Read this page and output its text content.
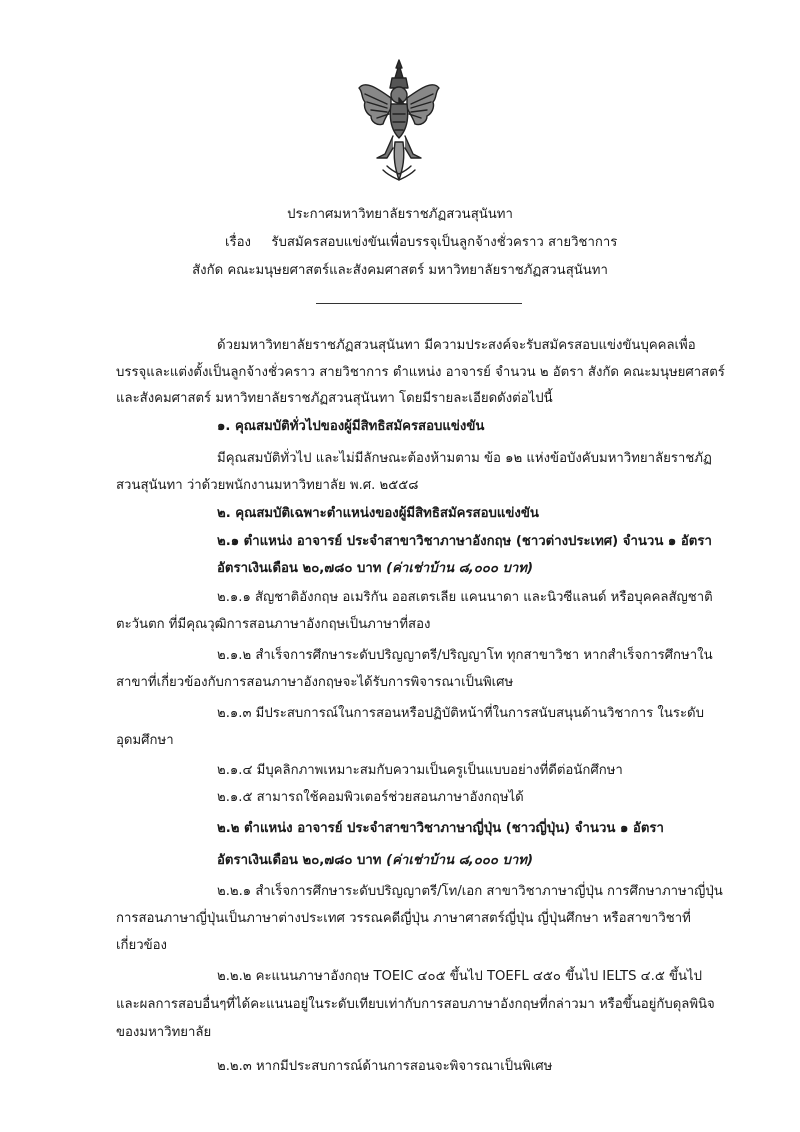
ประกาศมหาวิทยาลัยราชภัฏสวนสุนันทา
เรื่อง รับสมัครสอบแข่งขันเพื่อบรรจุเป็นลูกจ้างชั่วคราว สายวิชาการ
สังกัด คณะมนุษยศาสตร์และสังคมศาสตร์ มหาวิทยาลัยราชภัฏสวนสุนันทา
ด้วยมหาวิทยาลัยราชภัฏสวนสุนันทา มีความประสงค์จะรับสมัครสอบแข่งขันบุคคลเพื่อ
บรรจุและแต่งตั้งเป็นลูกจ้างชั่วคราว สายวิชาการ ตำแหน่ง อาจารย์ จำนวน ๒ อัตรา สังกัด คณะมนุษยศาสตร์
และสังคมศาสตร์ มหาวิทยาลัยราชภัฏสวนสุนันทา โดยมีรายละเอียดดังต่อไปนี้
๑. คุณสมบัติทั่วไปของผู้มีสิทธิสมัครสอบแข่งขัน
มีคุณสมบัติทั่วไป และไม่มีลักษณะต้องห้ามตาม ข้อ ๑๒ แห่งข้อบังคับมหาวิทยาลัยราชภัฏ
สวนสุนันทา ว่าด้วยพนักงานมหาวิทยาลัย พ.ศ. ๒๕๕๘
๒. คุณสมบัติเฉพาะตำแหน่งของผู้มีสิทธิสมัครสอบแข่งขัน
๒.๑ ตำแหน่ง อาจารย์ ประจำสาขาวิชาภาษาอังกฤษ (ชาวต่างประเทศ) จำนวน ๑ อัตรา
อัตราเงินเดือน ๒๐,๗๘๐ บาท (ค่าเช่าบ้าน ๘,๐๐๐ บาท)
๒.๑.๑ สัญชาติอังกฤษ อเมริกัน ออสเตรเลีย แคนนาดา และนิวซีแลนด์ หรือบุคคลสัญชาติ
ตะวันตก ที่มีคุณวุฒิการสอนภาษาอังกฤษเป็นภาษาที่สอง
๒.๑.๒ สำเร็จการศึกษาระดับปริญญาตรี/ปริญญาโท ทุกสาขาวิชา หากสำเร็จการศึกษาใน
สาขาที่เกี่ยวข้องกับการสอนภาษาอังกฤษจะได้รับการพิจารณาเป็นพิเศษ
๒.๑.๓ มีประสบการณ์ในการสอนหรือปฏิบัติหน้าที่ในการสนับสนุนด้านวิชาการ ในระดับ
อุดมศึกษา
๒.๑.๔ มีบุคลิกภาพเหมาะสมกับความเป็นครูเป็นแบบอย่างที่ดีต่อนักศึกษา
๒.๑.๕ สามารถใช้คอมพิวเตอร์ช่วยสอนภาษาอังกฤษได้
๒.๒ ตำแหน่ง อาจารย์ ประจำสาขาวิชาภาษาญี่ปุ่น (ชาวญี่ปุ่น) จำนวน ๑ อัตรา
อัตราเงินเดือน ๒๐,๗๘๐ บาท (ค่าเช่าบ้าน ๘,๐๐๐ บาท)
๒.๒.๑ สำเร็จการศึกษาระดับปริญญาตรี/โท/เอก สาขาวิชาภาษาญี่ปุ่น การศึกษาภาษาญี่ปุ่น
การสอนภาษาญี่ปุ่นเป็นภาษาต่างประเทศ วรรณคดีญี่ปุ่น ภาษาศาสตร์ญี่ปุ่น ญี่ปุ่นศึกษา หรือสาขาวิชาที่
เกี่ยวข้อง
๒.๒.๒ คะแนนภาษาอังกฤษ TOEIC ๔๐๕ ขึ้นไป TOEFL ๔๕๐ ขึ้นไป IELTS ๔.๕ ขึ้นไป
และผลการสอบอื่นๆที่ได้คะแนนอยู่ในระดับเทียบเท่ากับการสอบภาษาอังกฤษที่กล่าวมา หรือขึ้นอยู่กับดุลพินิจ
ของมหาวิทยาลัย
๒.๒.๓ หากมีประสบการณ์ด้านการสอนจะพิจารณาเป็นพิเศษ
